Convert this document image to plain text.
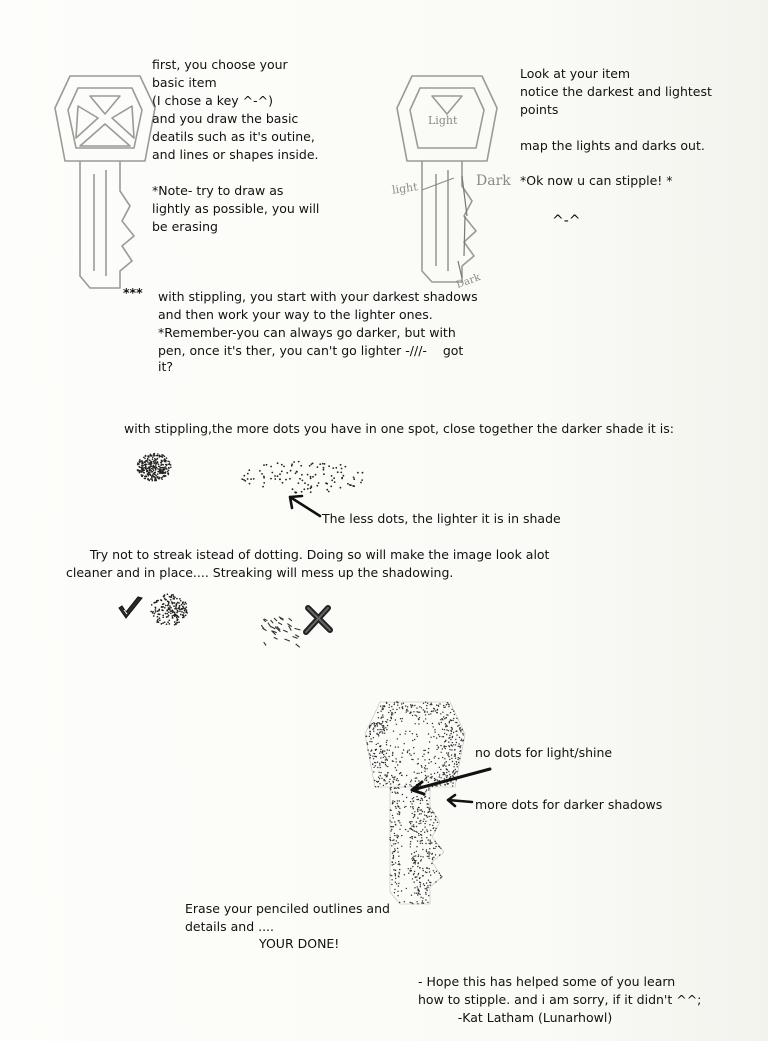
first, you choose your
basic item
(I chose a key ^-^)
and you draw the basic
deatils such as it's outine,
and lines or shapes inside.
*Note- try to draw as
lightly as possible, you will
be erasing
Light
light	Dark
Dark
Look at your item
notice the darkest and lightest
points
map the lights and darks out.
*Ok now u can stipple! *
^-^
*** with stippling, you start with your darkest shadows
and then work your way to the lighter ones.
*Remember-you can always go darker, but with
pen, once it's ther, you can't go lighter -///-    got
it?
with stippling,the more dots you have in one spot, close together the darker shade it is:
The less dots, the lighter it is in shade
Try not to streak istead of dotting. Doing so will make the image look alot
cleaner and in place.... Streaking will mess up the shadowing.
no dots for light/shine
more dots for darker shadows
Erase your penciled outlines and
details and ....
YOUR DONE!
- Hope this has helped some of you learn
how to stipple. and i am sorry, if it didn't ^^;
-Kat Latham (Lunarhowl)
